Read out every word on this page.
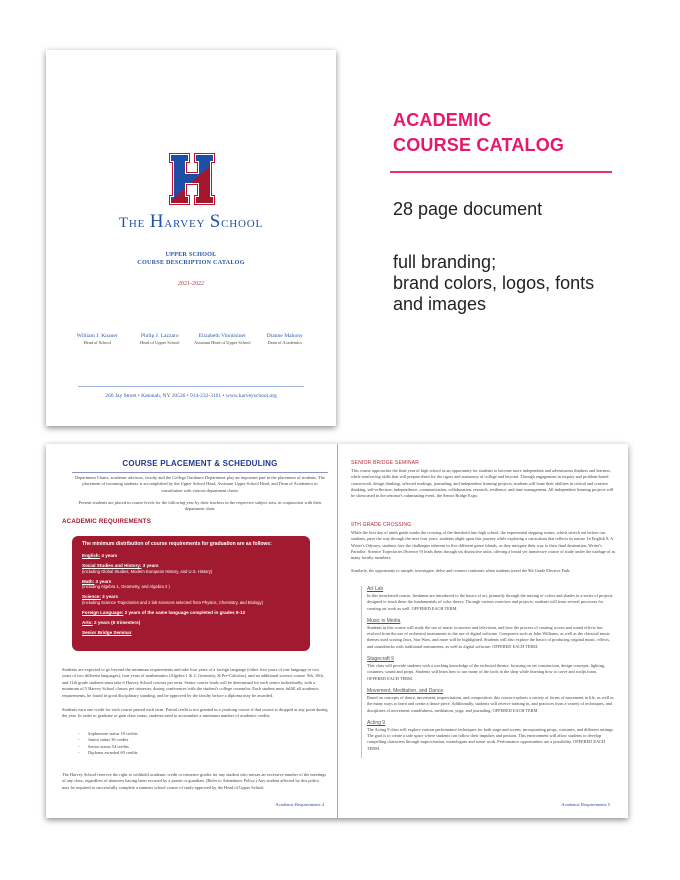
The Harvey School
UPPER SCHOOL
COURSE DESCRIPTION CATALOG
2021-2022
William J. Knauer
Head of School
Philip J. Lazzaro
Head of Upper School
Elizabeth Vinnitsiner
Assistant Head of Upper School
Dianne Mahony
Dean of Academics
260 Jay Street • Katonah, NY 10536 • 914-232-3161 • www.harveyschool.org
ACADEMIC
COURSE CATALOG
28 page document
full branding;
brand colors, logos, fonts
and images
COURSE PLACEMENT & SCHEDULING
Department Chairs, academic advisors, faculty and the College Guidance Department play an important part in the placement of students. The placement of incoming students is accomplished by the Upper School Head, Assistant Upper School Head, and Dean of Academics in consultation with various department chairs.
Present students are placed in course levels for the following year by their teachers in the respective subject area, in conjunction with their department chair.
ACADEMIC REQUIREMENTS
The minimum distribution of course requirements for graduation are as follows:
English: 4 years
Social Studies and History: 3 years
(including Global Studies, Modern European History, and U.S. History)
Math: 3 years
(including Algebra 1, Geometry, and Algebra 2 )
Science: 3 years
(including Science Trajectories and 2 lab sciences selected from Physics, Chemistry, and Biology)
Foreign Language: 2 years of the same language completed in grades 9-12
Arts: 2 years (6 trimesters)
Senior Bridge Seminar
Students are expected to go beyond the minimum requirements and take four years of a foreign language (either four years of one language or two years of two different languages), four years of mathematics (Algebra 1 & 2, Geometry, & Pre-Calculus), and an additional science course. 9th, 10th, and 11th grade students must take 6 Harvey School courses per term. Senior course loads will be determined for each senior individually, with a minimum of 5 Harvey School classes per trimester, during conferences with the student's college counselor. Each student must fulfill all academic requirements, be found in good disciplinary standing, and be approved by the faculty before a diploma may be awarded.
Students earn one credit for each course passed each term. Partial credit is not granted in a yearlong course if that course is dropped at any point during the year. In order to graduate or gain class status, students need to accumulate a minimum number of academic credits:
- Sophomore status 18 credits
- Junior status 36 credits
- Senior status 54 credits
- Diploma awarded 69 credits
The Harvey School reserves the right to withhold academic credit or trimester grades for any student who misses an excessive number of the meetings of any class, regardless of absences having been excused by a parent or guardian. (Refer to Attendance Policy.) Any student affected by this policy may be required to successfully complete a summer school course of study approved by the Head of Upper School.
Academic Requirements 4
SENIOR BRIDGE SEMINAR
This course approaches the final year of high school as an opportunity for students to become more independent and adventurous thinkers and learners, while reinforcing skills that will prepare them for the rigors and autonomy of college and beyond. Through engagement in inquiry and problem-based coursework, design thinking, selected readings, journaling, and independent learning projects, students will hone their abilities in critical and creative thinking, self-reflection, independence, communication, collaboration, research, resilience, and time management. All independent learning projects will be showcased in the seminar's culminating event, the Senior Bridge Expo.
9TH GRADE CROSSING
While the first day of ninth grade marks the crossing of the threshold into high school, the experiential stepping stones, which stretch out before our students, pave the way through the next four years. students alight upon this journey while exploring a curriculum that reflects its nature. In English 9, A Writer's Odyssey, students face the challenges inherent in five different genre islands, as they navigate their way to their final destination, Writer's Paradise. Science Trajectories (Science 9) leads them through six distinctive units, offering a broad yet immersive course of study under the tutelage of as many faculty members.
Similarly, the opportunity to sample, investigate, delve and connect continues when students travel the 9th Grade Elective Path:
Art Lab
In this term-based course, freshmen are introduced to the basics of art, primarily through the mixing of colors and shades in a series of projects designed to teach them the fundamentals of color theory. Through various exercises and projects, students will learn several processes for creating art work as well. OFFERED EACH TERM.
Music in Media
Students in this course will study the use of music in movies and television, and how the process of creating scores and sound effects has evolved from the use of orchestral instruments to the use of digital software. Composers such as John Williams, as well as the classical music themes used scoring Jaws, Star Wars, and more will be highlighted. Students will also explore the basics of producing original music, effects, and soundtracks with traditional instruments, as well as digital software. OFFERED EACH TERM.
Stagecraft 9
This class will provide students with a working knowledge of the technical theatre, focusing on set construction, design concepts, lighting, costumes, sound and props. Students will learn how to use many of the tools in the shop while learning how to carve and sculpt foam. OFFERED EACH TERM.
Movement, Meditation, and Dance
Based on concepts of dance, movement, improvisation, and composition, this course explores a variety of forms of movement in life, as well as the many ways to learn and create a dance piece. Additionally, students will receive training in, and practices from a variety of techniques, and disciplines of movement, mindfulness, meditation, yoga, and journaling. OFFERED EACH TERM.
Acting 9
The Acting 9 class will explore various performance techniques for both stage and screen, incorporating props, costumes, and different settings. The goal is to create a safe space where students can follow their impulses and passion. This environment will allow students to develop compelling characters through improvisation, monologues and scene work. Performance opportunities are a possibility. OFFERED EACH TERM.
Academic Requirements 5
